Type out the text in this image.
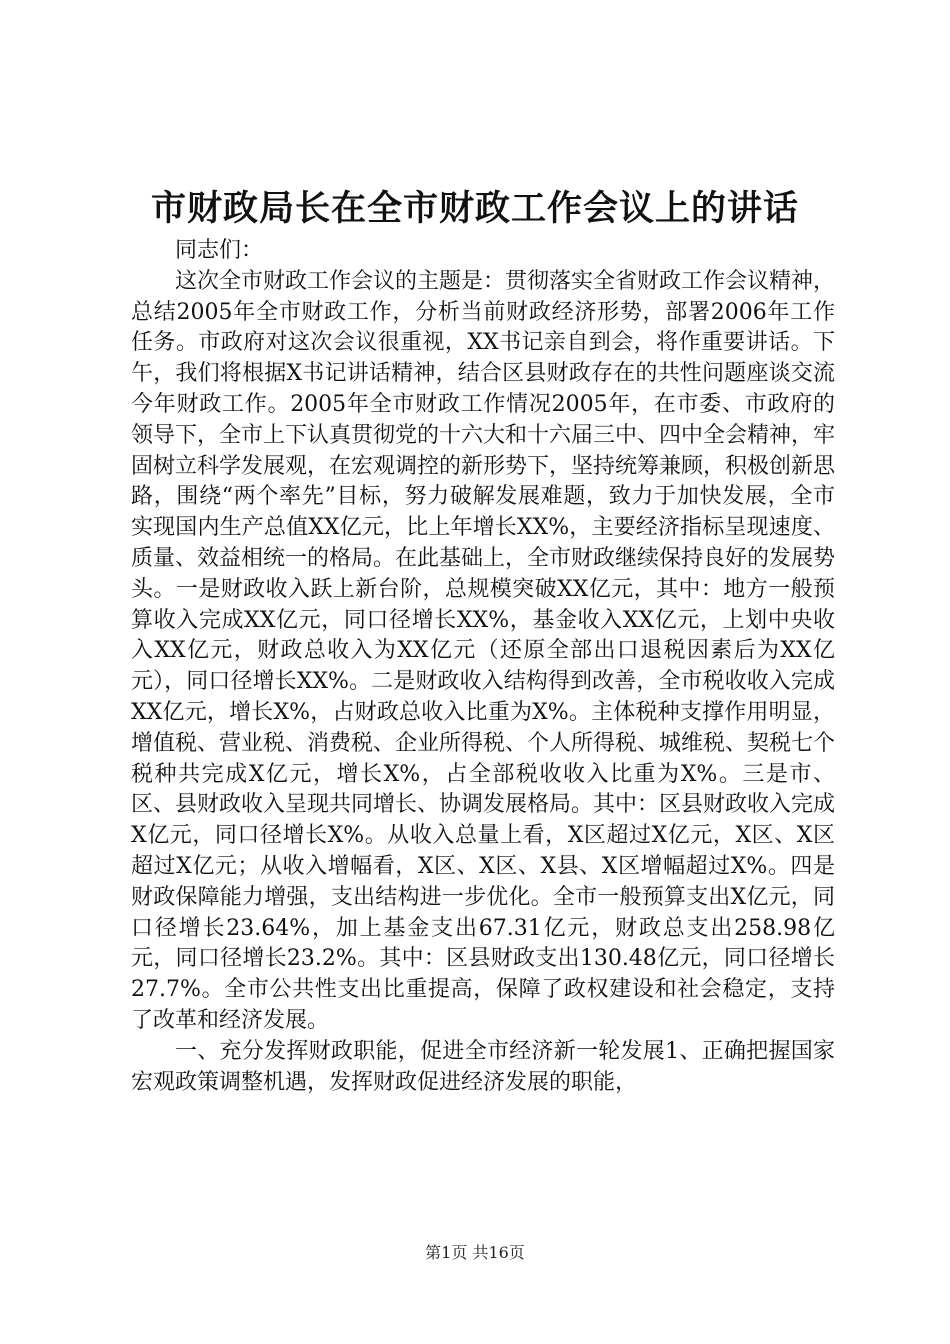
市财政局长在全市财政工作会议上的讲话

同志们：

这次全市财政工作会议的主题是：贯彻落实全省财政工作会议精神，总结2005年全市财政工作，分析当前财政经济形势，部署2006年工作任务。市政府对这次会议很重视，XX书记亲自到会，将作重要讲话。下午，我们将根据X书记讲话精神，结合区县财政存在的共性问题座谈交流今年财政工作。2005年全市财政工作情况2005年，在市委、市政府的领导下，全市上下认真贯彻党的十六大和十六届三中、四中全会精神，牢固树立科学发展观，在宏观调控的新形势下，坚持统筹兼顾，积极创新思路，围绕“两个率先”目标，努力破解发展难题，致力于加快发展，全市实现国内生产总值XX亿元，比上年增长XX%，主要经济指标呈现速度、质量、效益相统一的格局。在此基础上，全市财政继续保持良好的发展势头。一是财政收入跃上新台阶，总规模突破XX亿元，其中：地方一般预算收入完成XX亿元，同口径增长XX%，基金收入XX亿元，上划中央收入XX亿元，财政总收入为XX亿元（还原全部出口退税因素后为XX亿元），同口径增长XX%。二是财政收入结构得到改善，全市税收收入完成XX亿元，增长X%，占财政总收入比重为X%。主体税种支撑作用明显，增值税、营业税、消费税、企业所得税、个人所得税、城维税、契税七个税种共完成X亿元，增长X%，占全部税收收入比重为X%。三是市、区、县财政收入呈现共同增长、协调发展格局。其中：区县财政收入完成X亿元，同口径增长X%。从收入总量上看，X区超过X亿元，X区、X区超过X亿元；从收入增幅看，X区、X区、X县、X区增幅超过X%。四是财政保障能力增强，支出结构进一步优化。全市一般预算支出X亿元，同口径增长23.64%，加上基金支出67.31亿元，财政总支出258.98亿元，同口径增长23.2%。其中：区县财政支出130.48亿元，同口径增长27.7%。全市公共性支出比重提高，保障了政权建设和社会稳定，支持了改革和经济发展。

一、充分发挥财政职能，促进全市经济新一轮发展1、正确把握国家宏观政策调整机遇，发挥财政促进经济发展的职能，

第1页 共16页
